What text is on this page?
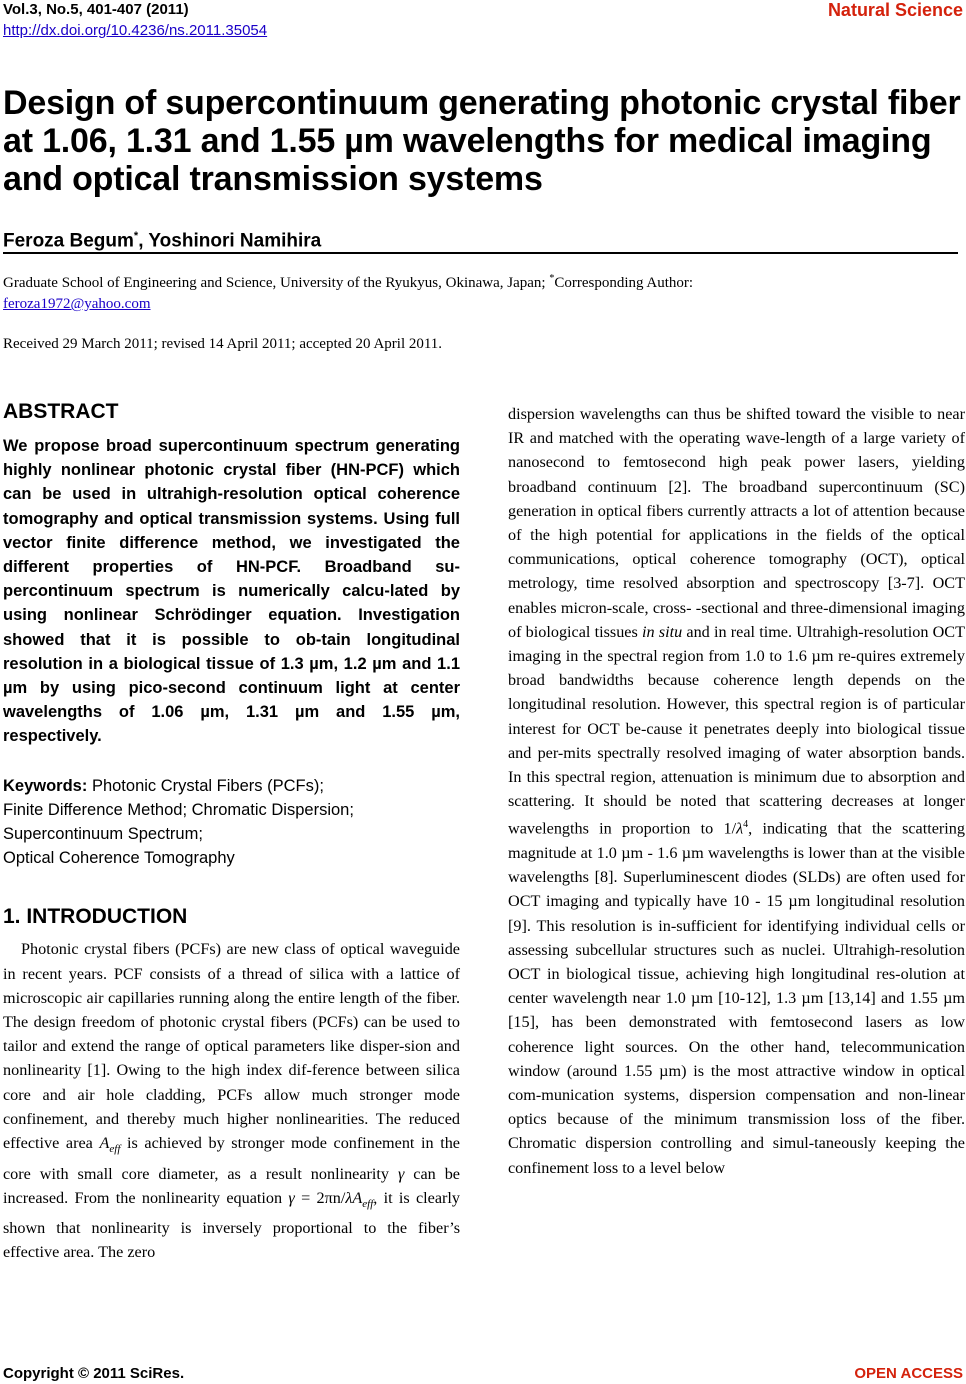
Vol.3, No.5, 401-407 (2011)
http://dx.doi.org/10.4236/ns.2011.35054
Natural Science
Design of supercontinuum generating photonic crystal fiber at 1.06, 1.31 and 1.55 µm wavelengths for medical imaging and optical transmission systems
Feroza Begum*, Yoshinori Namihira
Graduate School of Engineering and Science, University of the Ryukyus, Okinawa, Japan; *Corresponding Author:
feroza1972@yahoo.com
Received 29 March 2011; revised 14 April 2011; accepted 20 April 2011.
ABSTRACT

We propose broad supercontinuum spectrum generating highly nonlinear photonic crystal fiber (HN-PCF) which can be used in ultrahigh-resolution optical coherence tomography and optical transmission systems. Using full vector finite difference method, we investigated the different properties of HN-PCF. Broadband su-percontinuum spectrum is numerically calcu-lated by using nonlinear Schrödinger equation. Investigation showed that it is possible to ob-tain longitudinal resolution in a biological tissue of 1.3 µm, 1.2 µm and 1.1 µm by using pico-second continuum light at center wavelengths of 1.06 µm, 1.31 µm and 1.55 µm, respectively.

Keywords: Photonic Crystal Fibers (PCFs);
Finite Difference Method; Chromatic Dispersion;
Supercontinuum Spectrum;
Optical Coherence Tomography
1. INTRODUCTION

Photonic crystal fibers (PCFs) are new class of optical waveguide in recent years. PCF consists of a thread of silica with a lattice of microscopic air capillaries running along the entire length of the fiber. The design freedom of photonic crystal fibers (PCFs) can be used to tailor and extend the range of optical parameters like disper-sion and nonlinearity [1]. Owing to the high index dif-ference between silica core and air hole cladding, PCFs allow much stronger mode confinement, and thereby much higher nonlinearities. The reduced effective area $A_{eff}$ is achieved by stronger mode confinement in the core with small core diameter, as a result nonlinearity γ can be increased. From the nonlinearity equation $\gamma = 2\pi n/\lambda A_{eff}$, it is clearly shown that nonlinearity is inversely proportional to the fiber’s effective area. The zero

dispersion wavelengths can thus be shifted toward the visible to near IR and matched with the operating wave-length of a large variety of nanosecond to femtosecond high peak power lasers, yielding broadband continuum [2]. The broadband supercontinuum (SC) generation in optical fibers currently attracts a lot of attention because of the high potential for applications in the fields of the optical communications, optical coherence tomography (OCT), optical metrology, time resolved absorption and spectroscopy [3-7]. OCT enables micron-scale, cross- -sectional and three-dimensional imaging of biological tissues in situ and in real time. Ultrahigh-resolution OCT imaging in the spectral region from 1.0 to 1.6 µm re-quires extremely broad bandwidths because coherence length depends on the longitudinal resolution. However, this spectral region is of particular interest for OCT be-cause it penetrates deeply into biological tissue and per-mits spectrally resolved imaging of water absorption bands. In this spectral region, attenuation is minimum due to absorption and scattering. It should be noted that scattering decreases at longer wavelengths in proportion to $1/\lambda^4$, indicating that the scattering magnitude at 1.0 µm - 1.6 µm wavelengths is lower than at the visible wavelengths [8]. Superluminescent diodes (SLDs) are often used for OCT imaging and typically have 10 - 15 µm longitudinal resolution [9]. This resolution is in-sufficient for identifying individual cells or assessing subcellular structures such as nuclei. Ultrahigh-resolution OCT in biological tissue, achieving high longitudinal res-olution at center wavelength near 1.0 µm [10-12], 1.3 µm [13,14] and 1.55 µm [15], has been demonstrated with femtosecond lasers as low coherence light sources. On the other hand, telecommunication window (around 1.55 µm) is the most attractive window in optical com-munication systems, dispersion compensation and non-linear optics because of the minimum transmission loss of the fiber. Chromatic dispersion controlling and simul-taneously keeping the confinement loss to a level below

Copyright © 2011 SciRes.	OPEN ACCESS
